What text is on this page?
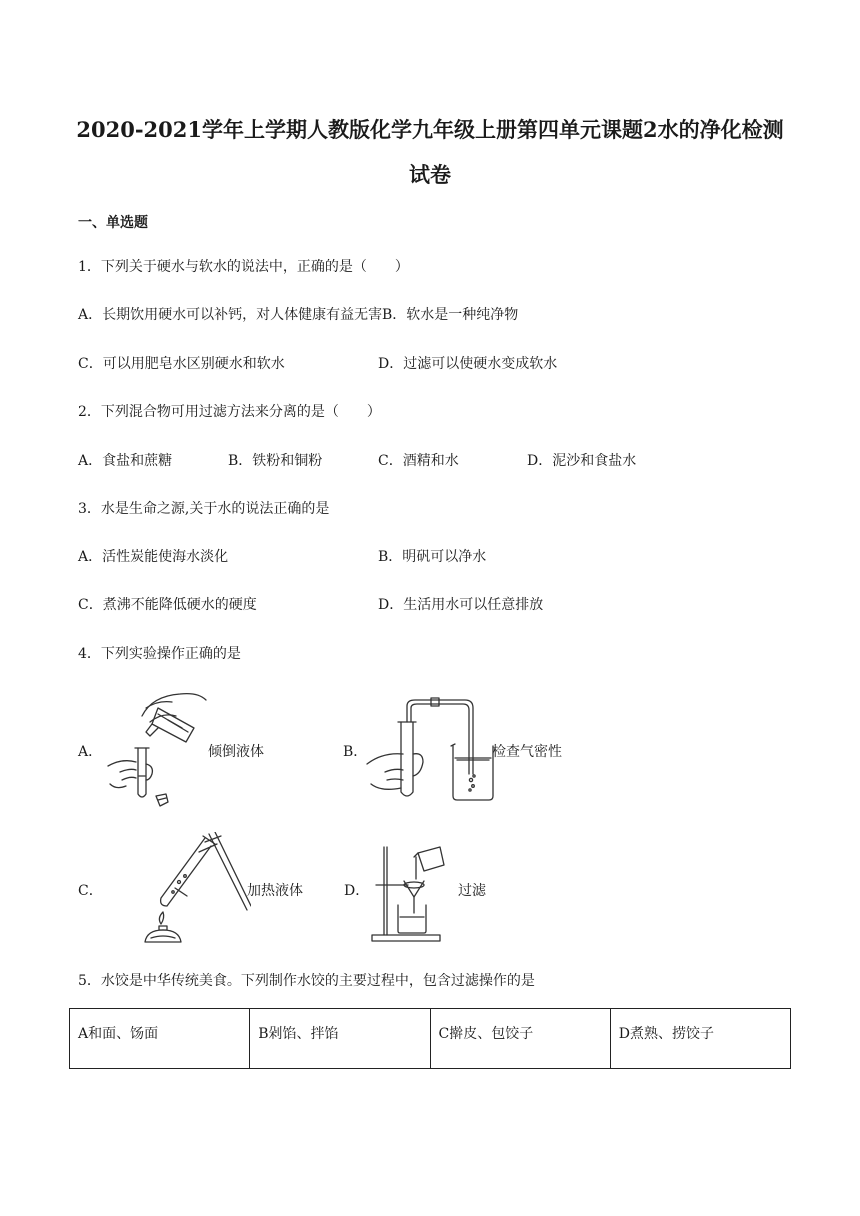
2020-2021学年上学期人教版化学九年级上册第四单元课题2水的净化检测
试卷
一、单选题
1．下列关于硬水与软水的说法中，正确的是（　　）
A．长期饮用硬水可以补钙，对人体健康有益无害 B．软水是一种纯净物
C．可以用肥皂水区别硬水和软水	D．过滤可以使硬水变成软水
2．下列混合物可用过滤方法来分离的是（　　）
A．食盐和蔗糖	B．铁粉和铜粉	C．酒精和水	D．泥沙和食盐水
3．水是生命之源,关于水的说法正确的是
A．活性炭能使海水淡化	B．明矾可以净水
C．煮沸不能降低硬水的硬度	D．生活用水可以任意排放
4．下列实验操作正确的是
A．	倾倒液体	B．	检查气密性
C．	加热液体	D．	过滤
5．水饺是中华传统美食。下列制作水饺的主要过程中，包含过滤操作的是
A和面、饧面	B剁馅、拌馅	C擀皮、包饺子	D煮熟、捞饺子
